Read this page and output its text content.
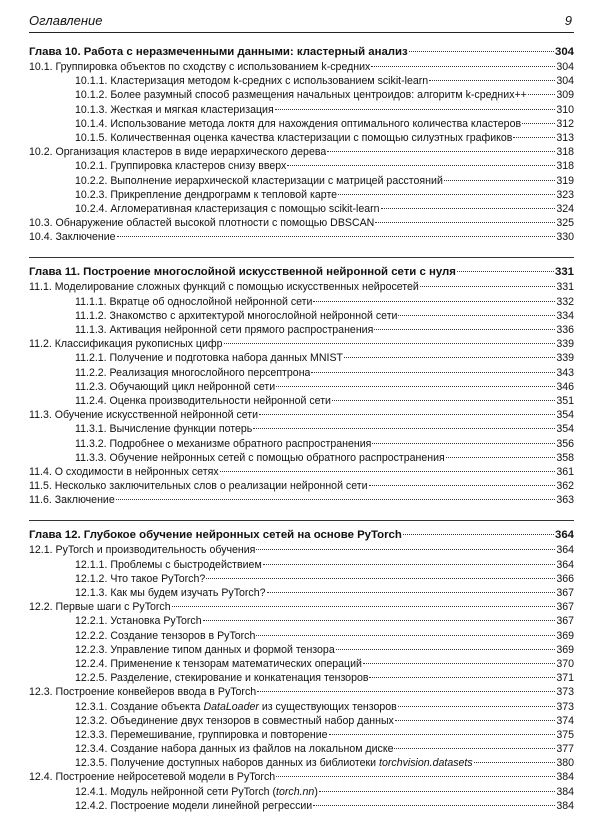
Оглавление	9
Глава 10. Работа с неразмеченными данными: кластерный анализ	304
10.1. Группировка объектов по сходству с использованием k-средних	304
10.1.1. Кластеризация методом k-средних с использованием scikit-learn	304
10.1.2. Более разумный способ размещения начальных центроидов: алгоритм k-средних++	309
10.1.3. Жесткая и мягкая кластеризация	310
10.1.4. Использование метода локтя для нахождения оптимального количества кластеров	312
10.1.5. Количественная оценка качества кластеризации с помощью силуэтных графиков	313
10.2. Организация кластеров в виде иерархического дерева	318
10.2.1. Группировка кластеров снизу вверх	318
10.2.2. Выполнение иерархической кластеризации с матрицей расстояний	319
10.2.3. Прикрепление дендрограмм к тепловой карте	323
10.2.4. Агломеративная кластеризация с помощью scikit-learn	324
10.3. Обнаружение областей высокой плотности с помощью DBSCAN	325
10.4. Заключение	330
Глава 11. Построение многослойной искусственной нейронной сети с нуля	331
11.1. Моделирование сложных функций с помощью искусственных нейросетей	331
11.1.1. Вкратце об однослойной нейронной сети	332
11.1.2. Знакомство с архитектурой многослойной нейронной сети	334
11.1.3. Активация нейронной сети прямого распространения	336
11.2. Классификация рукописных цифр	339
11.2.1. Получение и подготовка набора данных MNIST	339
11.2.2. Реализация многослойного персептрона	343
11.2.3. Обучающий цикл нейронной сети	346
11.2.4. Оценка производительности нейронной сети	351
11.3. Обучение искусственной нейронной сети	354
11.3.1. Вычисление функции потерь	354
11.3.2. Подробнее о механизме обратного распространения	356
11.3.3. Обучение нейронных сетей с помощью обратного распространения	358
11.4. О сходимости в нейронных сетях	361
11.5. Несколько заключительных слов о реализации нейронной сети	362
11.6. Заключение	363
Глава 12. Глубокое обучение нейронных сетей на основе PyTorch	364
12.1. PyTorch и производительность обучения	364
12.1.1. Проблемы с быстродействием	364
12.1.2. Что такое PyTorch?	366
12.1.3. Как мы будем изучать PyTorch?	367
12.2. Первые шаги с PyTorch	367
12.2.1. Установка PyTorch	367
12.2.2. Создание тензоров в PyTorch	369
12.2.3. Управление типом данных и формой тензора	369
12.2.4. Применение к тензорам математических операций	370
12.2.5. Разделение, стекирование и конкатенация тензоров	371
12.3. Построение конвейеров ввода в PyTorch	373
12.3.1. Создание объекта DataLoader из существующих тензоров	373
12.3.2. Объединение двух тензоров в совместный набор данных	374
12.3.3. Перемешивание, группировка и повторение	375
12.3.4. Создание набора данных из файлов на локальном диске	377
12.3.5. Получение доступных наборов данных из библиотеки torchvision.datasets	380
12.4. Построение нейросетевой модели в PyTorch	384
12.4.1. Модуль нейронной сети PyTorch (torch.nn)	384
12.4.2. Построение модели линейной регрессии	384
